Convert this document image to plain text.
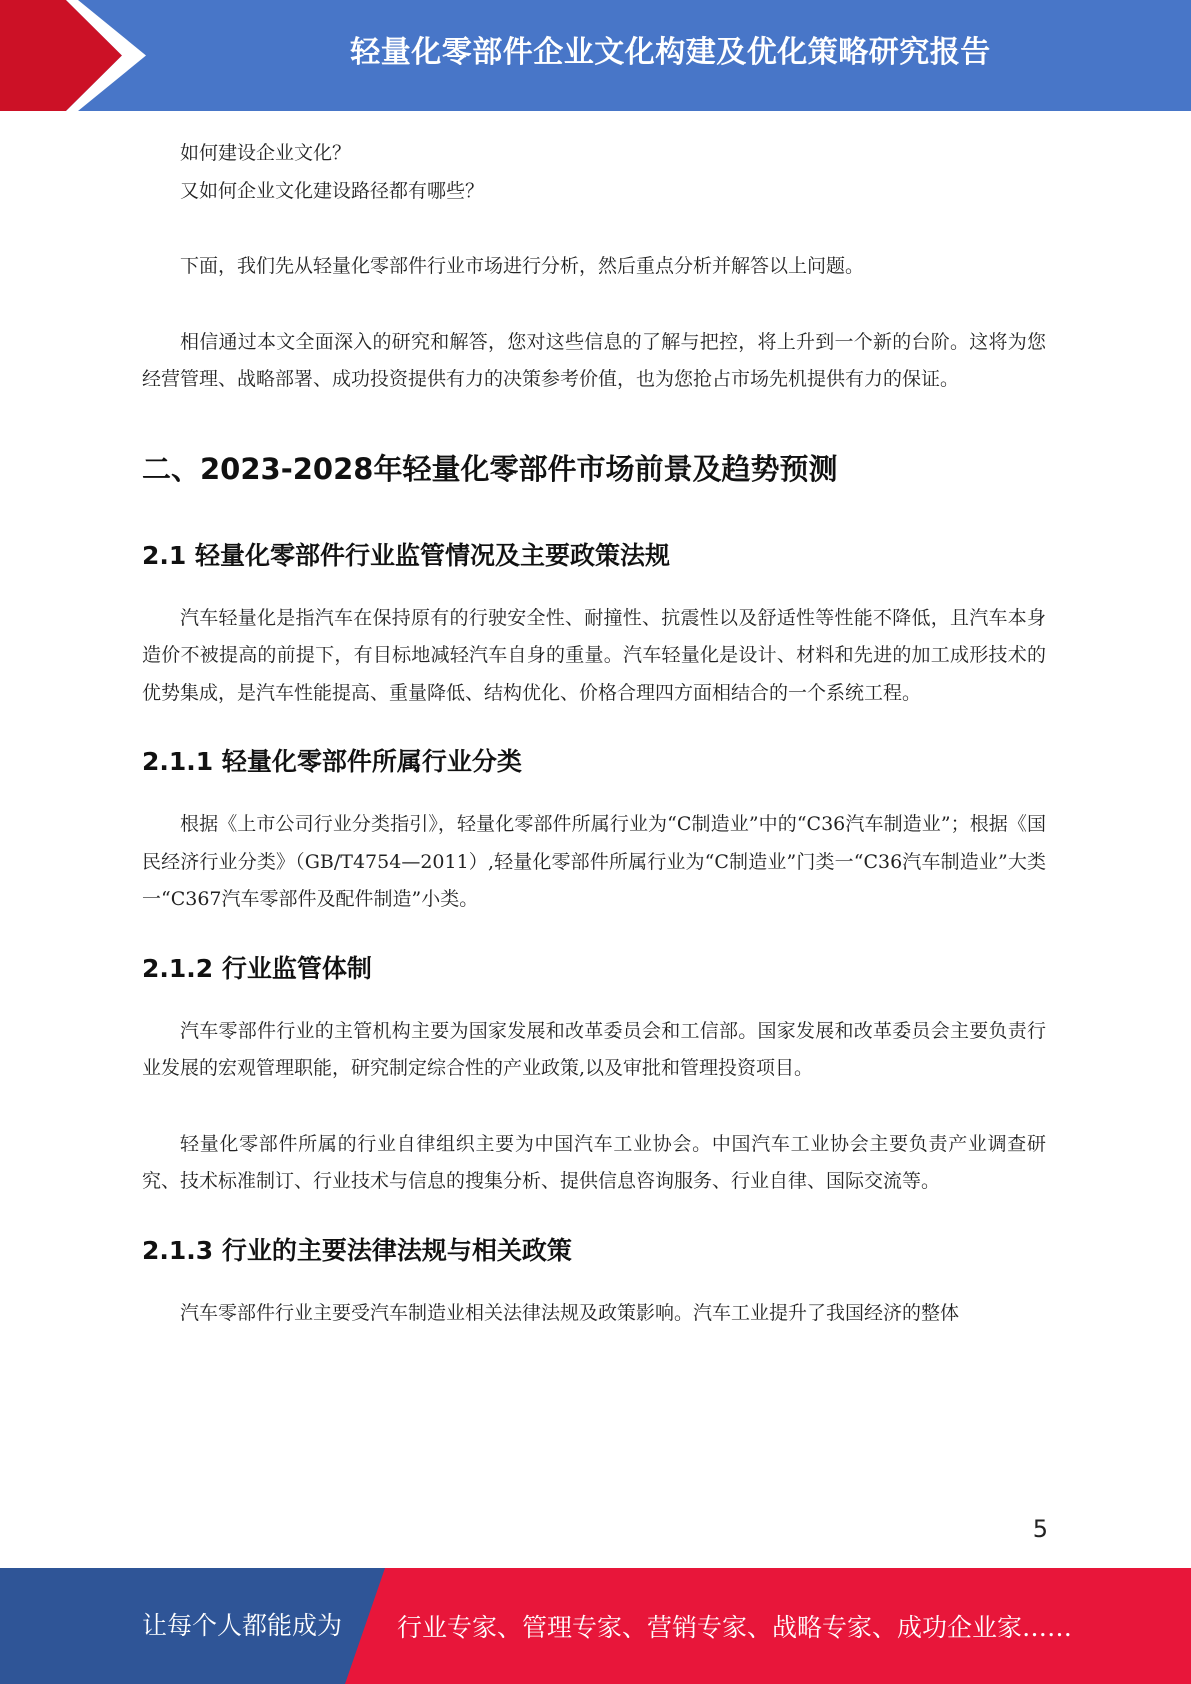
轻量化零部件企业文化构建及优化策略研究报告

如何建设企业文化？

又如何企业文化建设路径都有哪些？

下面，我们先从轻量化零部件行业市场进行分析，然后重点分析并解答以上问题。

相信通过本文全面深入的研究和解答，您对这些信息的了解与把控，将上升到一个新的台阶。这将为您经营管理、战略部署、成功投资提供有力的决策参考价值，也为您抢占市场先机提供有力的保证。

二、2023-2028年轻量化零部件市场前景及趋势预测
2.1 轻量化零部件行业监管情况及主要政策法规

汽车轻量化是指汽车在保持原有的行驶安全性、耐撞性、抗震性以及舒适性等性能不降低，且汽车本身造价不被提高的前提下，有目标地减轻汽车自身的重量。汽车轻量化是设计、材料和先进的加工成形技术的优势集成，是汽车性能提高、重量降低、结构优化、价格合理四方面相结合的一个系统工程。

2.1.1 轻量化零部件所属行业分类

根据《上市公司行业分类指引》，轻量化零部件所属行业为“C制造业”中的“C36汽车制造业”；根据《国民经济行业分类》（GB/T4754—2011）,轻量化零部件所属行业为“C制造业”门类一“C36汽车制造业”大类一“C367汽车零部件及配件制造”小类。

2.1.2 行业监管体制

汽车零部件行业的主管机构主要为国家发展和改革委员会和工信部。国家发展和改革委员会主要负责行业发展的宏观管理职能，研究制定综合性的产业政策,以及审批和管理投资项目。

轻量化零部件所属的行业自律组织主要为中国汽车工业协会。中国汽车工业协会主要负责产业调查研究、技术标准制订、行业技术与信息的搜集分析、提供信息咨询服务、行业自律、国际交流等。

2.1.3 行业的主要法律法规与相关政策

汽车零部件行业主要受汽车制造业相关法律法规及政策影响。汽车工业提升了我国经济的整体

5
让每个人都能成为 行业专家、管理专家、营销专家、战略专家、成功企业家……
